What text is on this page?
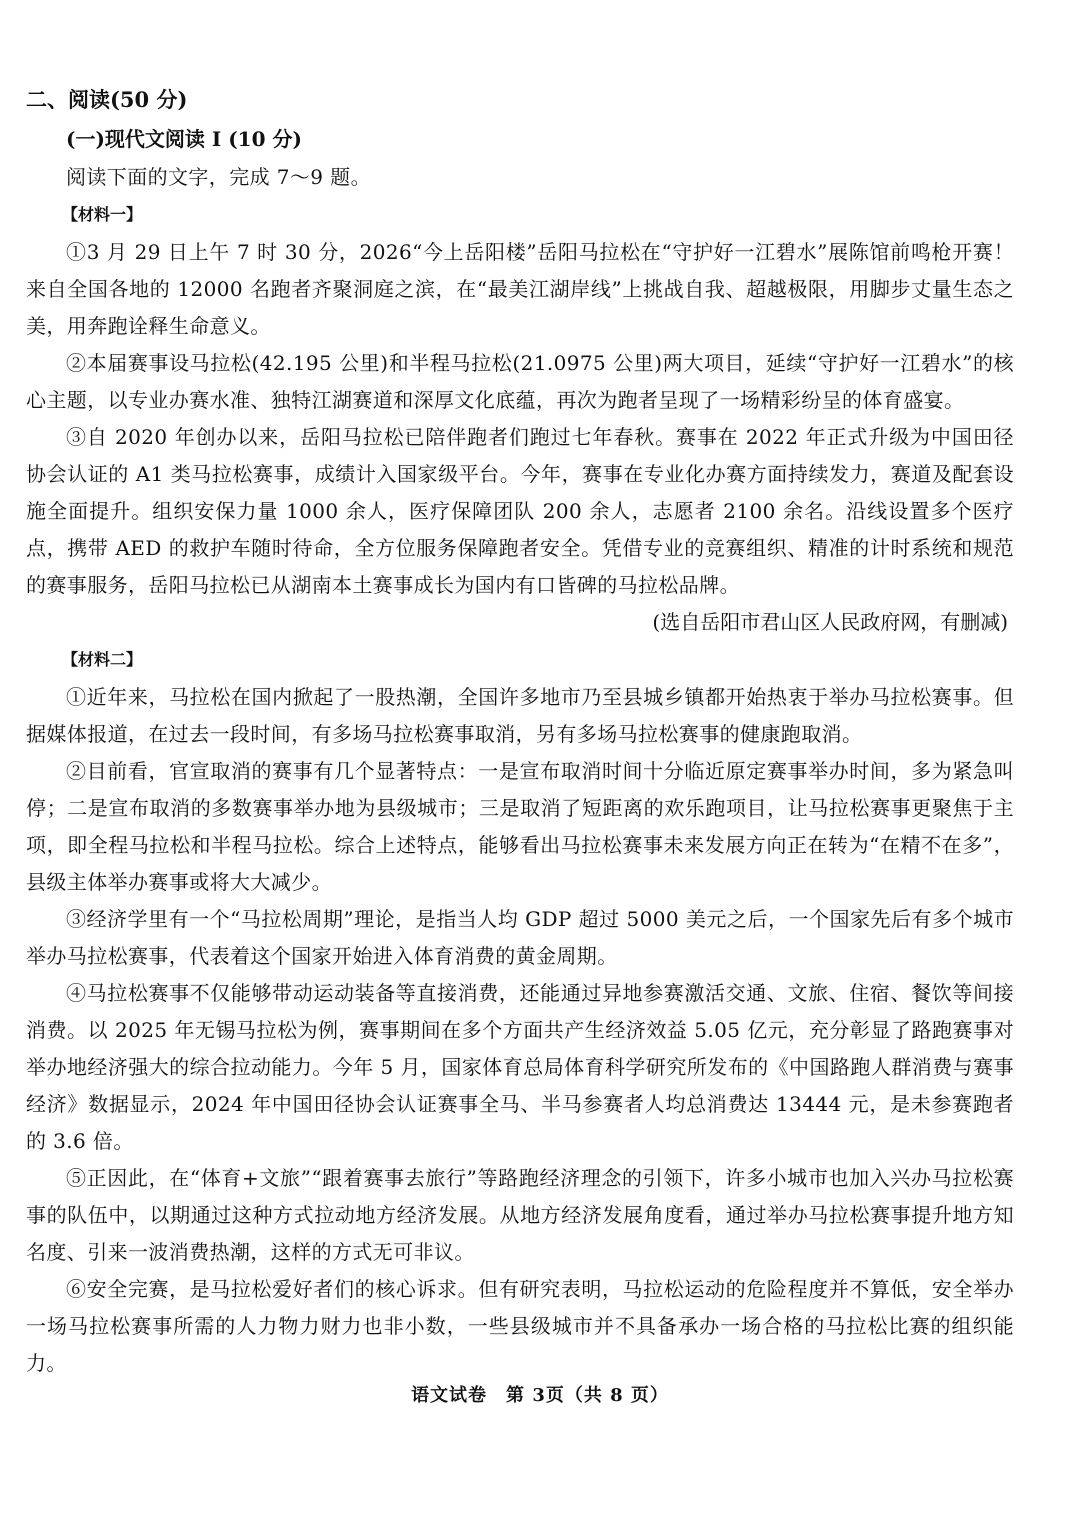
二、阅读(50 分)
(一)现代文阅读 I (10 分)
阅读下面的文字，完成 7～9 题。
【材料一】

①3 月 29 日上午 7 时 30 分，2026“今上岳阳楼”岳阳马拉松在“守护好一江碧水”展陈馆前鸣枪开赛！来自全国各地的 12000 名跑者齐聚洞庭之滨，在“最美江湖岸线”上挑战自我、超越极限，用脚步丈量生态之美，用奔跑诠释生命意义。

②本届赛事设马拉松(42.195 公里)和半程马拉松(21.0975 公里)两大项目，延续“守护好一江碧水”的核心主题，以专业办赛水准、独特江湖赛道和深厚文化底蕴，再次为跑者呈现了一场精彩纷呈的体育盛宴。

③自 2020 年创办以来，岳阳马拉松已陪伴跑者们跑过七年春秋。赛事在 2022 年正式升级为中国田径协会认证的 A1 类马拉松赛事，成绩计入国家级平台。今年，赛事在专业化办赛方面持续发力，赛道及配套设施全面提升。组织安保力量 1000 余人，医疗保障团队 200 余人，志愿者 2100 余名。沿线设置多个医疗点，携带 AED 的救护车随时待命，全方位服务保障跑者安全。凭借专业的竞赛组织、精准的计时系统和规范的赛事服务，岳阳马拉松已从湖南本土赛事成长为国内有口皆碑的马拉松品牌。

(选自岳阳市君山区人民政府网，有删减)
【材料二】

①近年来，马拉松在国内掀起了一股热潮，全国许多地市乃至县城乡镇都开始热衷于举办马拉松赛事。但据媒体报道，在过去一段时间，有多场马拉松赛事取消，另有多场马拉松赛事的健康跑取消。

②目前看，官宣取消的赛事有几个显著特点：一是宣布取消时间十分临近原定赛事举办时间，多为紧急叫停；二是宣布取消的多数赛事举办地为县级城市；三是取消了短距离的欢乐跑项目，让马拉松赛事更聚焦于主项，即全程马拉松和半程马拉松。综合上述特点，能够看出马拉松赛事未来发展方向正在转为“在精不在多”，县级主体举办赛事或将大大减少。

③经济学里有一个“马拉松周期”理论，是指当人均 GDP 超过 5000 美元之后，一个国家先后有多个城市举办马拉松赛事，代表着这个国家开始进入体育消费的黄金周期。

④马拉松赛事不仅能够带动运动装备等直接消费，还能通过异地参赛激活交通、文旅、住宿、餐饮等间接消费。以 2025 年无锡马拉松为例，赛事期间在多个方面共产生经济效益 5.05 亿元，充分彰显了路跑赛事对举办地经济强大的综合拉动能力。今年 5 月，国家体育总局体育科学研究所发布的《中国路跑人群消费与赛事经济》数据显示，2024 年中国田径协会认证赛事全马、半马参赛者人均总消费达 13444 元，是未参赛跑者的 3.6 倍。

⑤正因此，在“体育+文旅”“跟着赛事去旅行”等路跑经济理念的引领下，许多小城市也加入兴办马拉松赛事的队伍中，以期通过这种方式拉动地方经济发展。从地方经济发展角度看，通过举办马拉松赛事提升地方知名度、引来一波消费热潮，这样的方式无可非议。

⑥安全完赛，是马拉松爱好者们的核心诉求。但有研究表明，马拉松运动的危险程度并不算低，安全举办一场马拉松赛事所需的人力物力财力也非小数，一些县级城市并不具备承办一场合格的马拉松比赛的组织能力。

语文试卷　第 3页（共 8 页）
